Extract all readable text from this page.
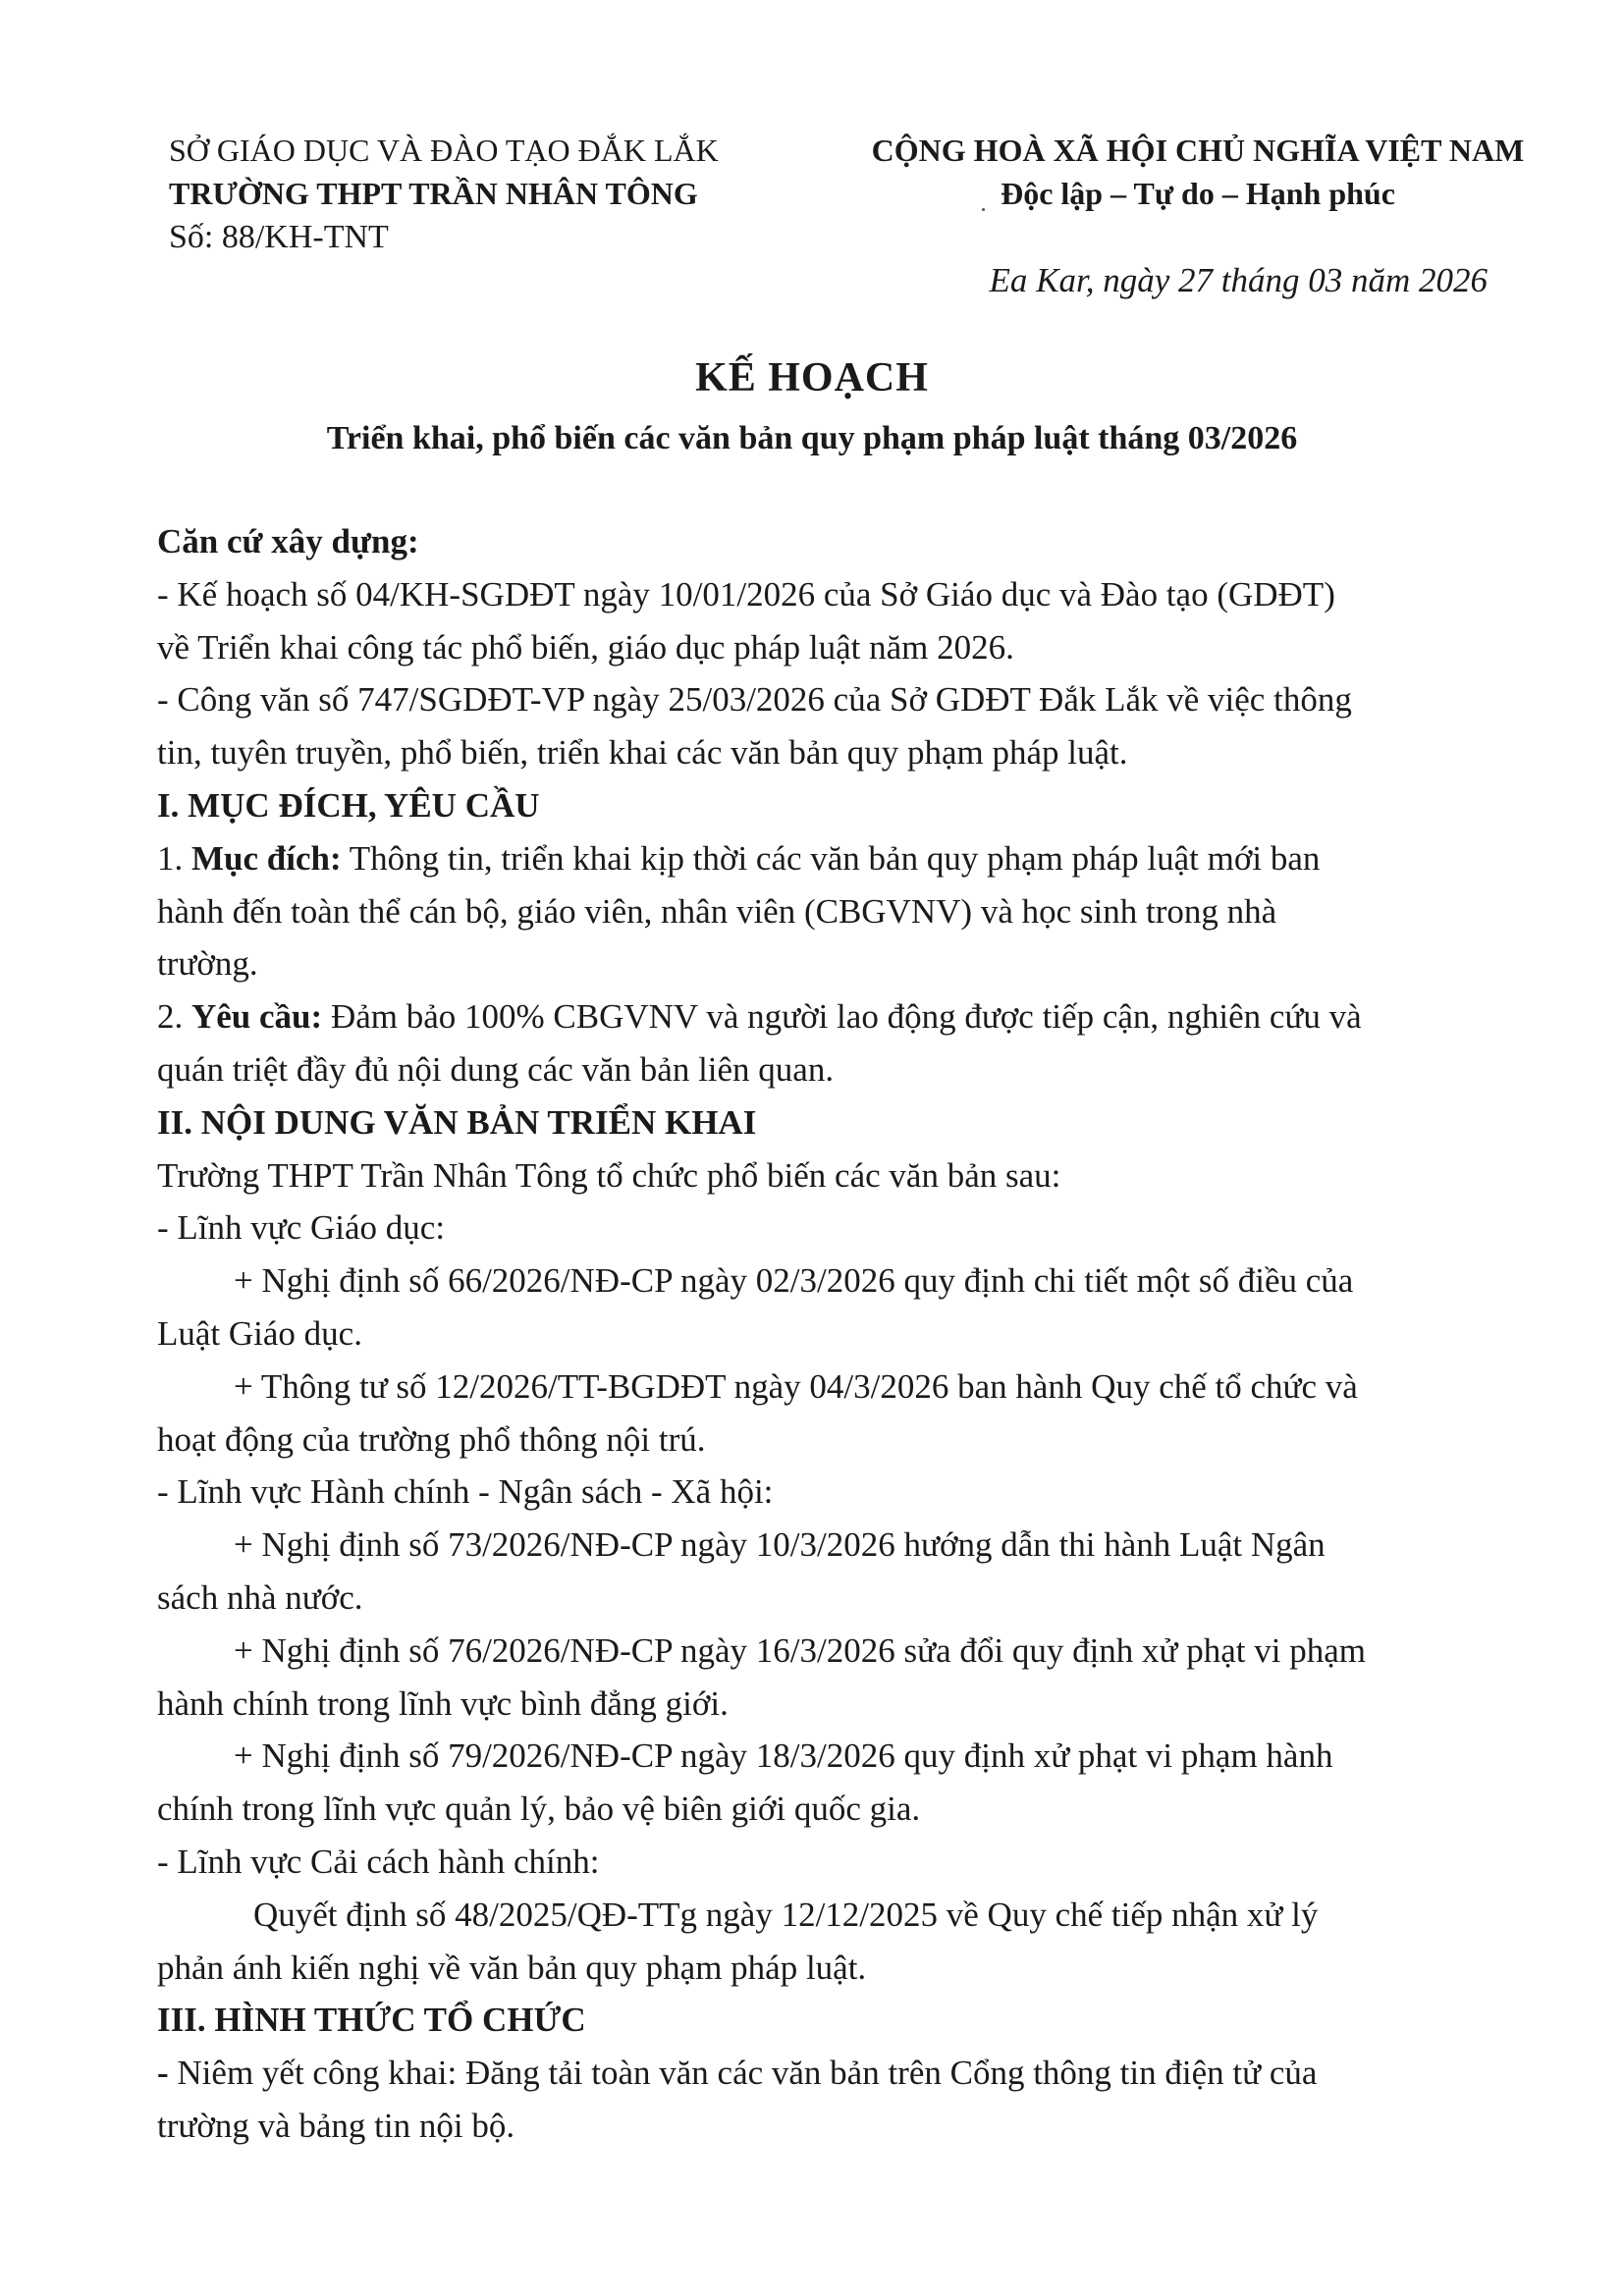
SỞ GIÁO DỤC VÀ ĐÀO TẠO ĐẮK LẮK
TRƯỜNG THPT TRẦN NHÂN TÔNG
Số: 88/KH-TNT
CỘNG HOÀ XÃ HỘI CHỦ NGHĨA VIỆT NAM
Độc lập – Tự do – Hạnh phúc
Ea Kar, ngày 27 tháng 03 năm 2026
KẾ HOẠCH
Triển khai, phổ biến các văn bản quy phạm pháp luật tháng 03/2026
Căn cứ xây dựng:
- Kế hoạch số 04/KH-SGDĐT ngày 10/01/2026 của Sở Giáo dục và Đào tạo (GDĐT)
về Triển khai công tác phổ biến, giáo dục pháp luật năm 2026.
- Công văn số 747/SGDĐT-VP ngày 25/03/2026 của Sở GDĐT Đắk Lắk về việc thông
tin, tuyên truyền, phổ biến, triển khai các văn bản quy phạm pháp luật.
I. MỤC ĐÍCH, YÊU CẦU
1. Mục đích: Thông tin, triển khai kịp thời các văn bản quy phạm pháp luật mới ban
hành đến toàn thể cán bộ, giáo viên, nhân viên (CBGVNV) và học sinh trong nhà
trường.
2. Yêu cầu: Đảm bảo 100% CBGVNV và người lao động được tiếp cận, nghiên cứu và
quán triệt đầy đủ nội dung các văn bản liên quan.
II. NỘI DUNG VĂN BẢN TRIỂN KHAI
Trường THPT Trần Nhân Tông tổ chức phổ biến các văn bản sau:
- Lĩnh vực Giáo dục:
+ Nghị định số 66/2026/NĐ-CP ngày 02/3/2026 quy định chi tiết một số điều của
Luật Giáo dục.
+ Thông tư số 12/2026/TT-BGDĐT ngày 04/3/2026 ban hành Quy chế tổ chức và
hoạt động của trường phổ thông nội trú.
- Lĩnh vực Hành chính - Ngân sách - Xã hội:
+ Nghị định số 73/2026/NĐ-CP ngày 10/3/2026 hướng dẫn thi hành Luật Ngân
sách nhà nước.
+ Nghị định số 76/2026/NĐ-CP ngày 16/3/2026 sửa đổi quy định xử phạt vi phạm
hành chính trong lĩnh vực bình đẳng giới.
+ Nghị định số 79/2026/NĐ-CP ngày 18/3/2026 quy định xử phạt vi phạm hành
chính trong lĩnh vực quản lý, bảo vệ biên giới quốc gia.
- Lĩnh vực Cải cách hành chính:
Quyết định số 48/2025/QĐ-TTg ngày 12/12/2025 về Quy chế tiếp nhận xử lý
phản ánh kiến nghị về văn bản quy phạm pháp luật.
III. HÌNH THỨC TỔ CHỨC
- Niêm yết công khai: Đăng tải toàn văn các văn bản trên Cổng thông tin điện tử của
trường và bảng tin nội bộ.
